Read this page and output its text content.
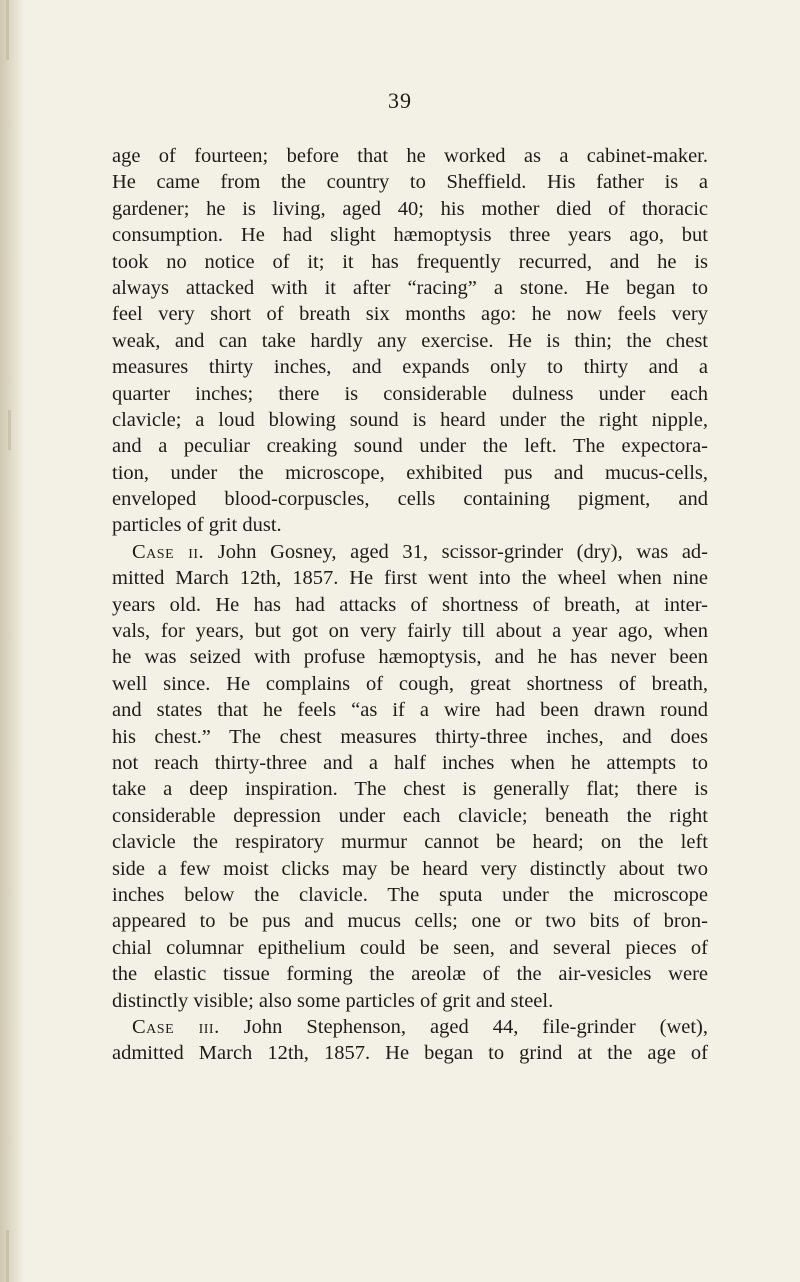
39
age of fourteen; before that he worked as a cabinet-maker.
He came from the country to Sheffield. His father is a
gardener; he is living, aged 40; his mother died of thoracic
consumption. He had slight hæmoptysis three years ago, but
took no notice of it; it has frequently recurred, and he is
always attacked with it after “racing” a stone. He began to
feel very short of breath six months ago: he now feels very
weak, and can take hardly any exercise. He is thin; the chest
measures thirty inches, and expands only to thirty and a
quarter inches; there is considerable dulness under each
clavicle; a loud blowing sound is heard under the right nipple,
and a peculiar creaking sound under the left. The expectora-
tion, under the microscope, exhibited pus and mucus-cells,
enveloped blood-corpuscles, cells containing pigment, and
particles of grit dust.
Case ii. John Gosney, aged 31, scissor-grinder (dry), was ad-
mitted March 12th, 1857. He first went into the wheel when nine
years old. He has had attacks of shortness of breath, at inter-
vals, for years, but got on very fairly till about a year ago, when
he was seized with profuse hæmoptysis, and he has never been
well since. He complains of cough, great shortness of breath,
and states that he feels “as if a wire had been drawn round
his chest.” The chest measures thirty-three inches, and does
not reach thirty-three and a half inches when he attempts to
take a deep inspiration. The chest is generally flat; there is
considerable depression under each clavicle; beneath the right
clavicle the respiratory murmur cannot be heard; on the left
side a few moist clicks may be heard very distinctly about two
inches below the clavicle. The sputa under the microscope
appeared to be pus and mucus cells; one or two bits of bron-
chial columnar epithelium could be seen, and several pieces of
the elastic tissue forming the areolæ of the air-vesicles were
distinctly visible; also some particles of grit and steel.
Case iii. John Stephenson, aged 44, file-grinder (wet),
admitted March 12th, 1857. He began to grind at the age of
